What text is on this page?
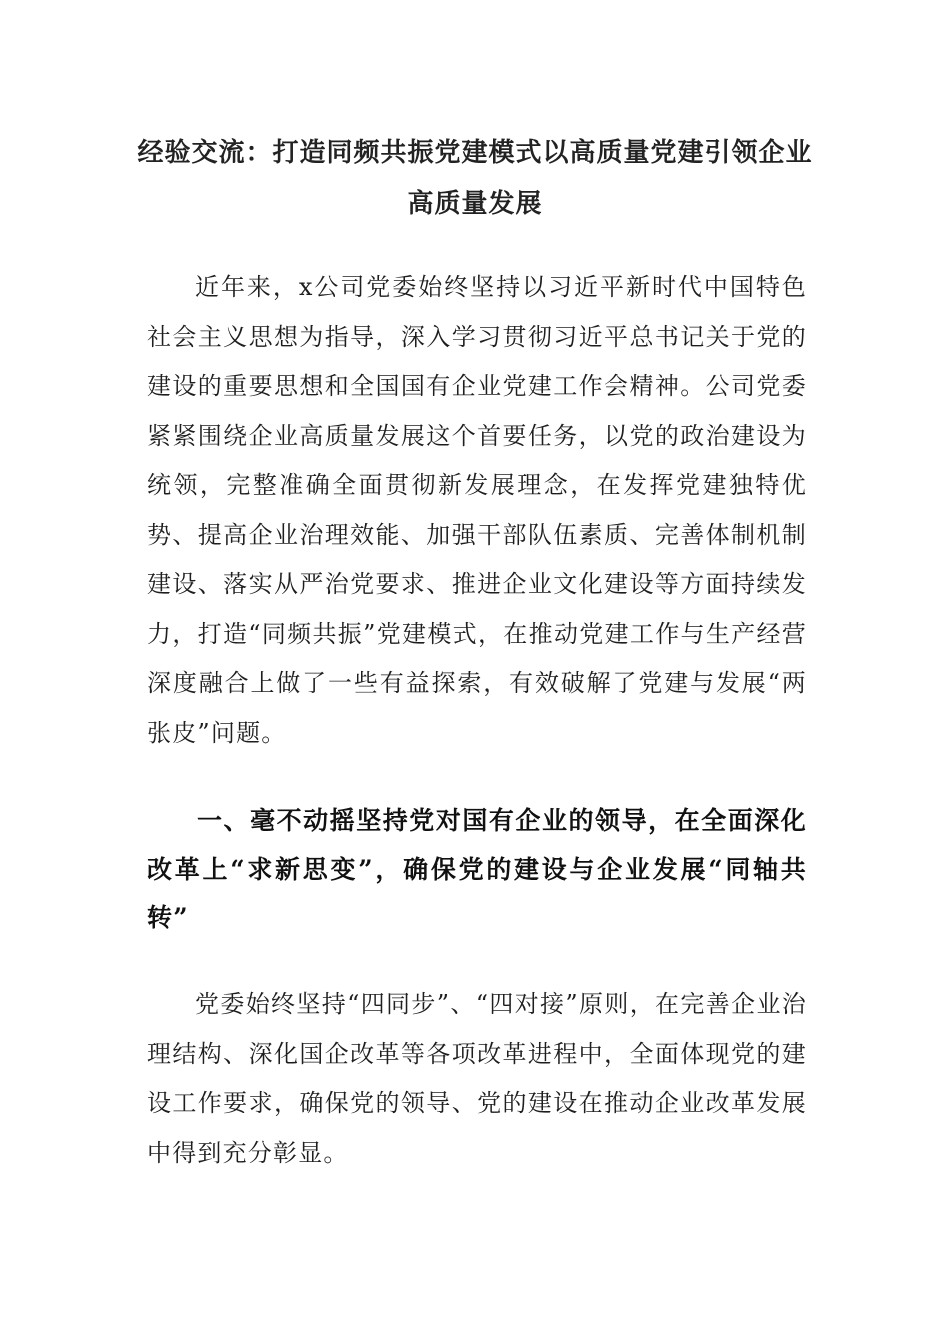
经验交流：打造同频共振党建模式以高质量党建引领企业高质量发展

近年来，x公司党委始终坚持以习近平新时代中国特色社会主义思想为指导，深入学习贯彻习近平总书记关于党的建设的重要思想和全国国有企业党建工作会精神。公司党委紧紧围绕企业高质量发展这个首要任务，以党的政治建设为统领，完整准确全面贯彻新发展理念，在发挥党建独特优势、提高企业治理效能、加强干部队伍素质、完善体制机制建设、落实从严治党要求、推进企业文化建设等方面持续发力，打造“同频共振”党建模式，在推动党建工作与生产经营深度融合上做了一些有益探索，有效破解了党建与发展“两张皮”问题。

一、毫不动摇坚持党对国有企业的领导，在全面深化改革上“求新思变”，确保党的建设与企业发展“同轴共转”

党委始终坚持“四同步”、“四对接”原则，在完善企业治理结构、深化国企改革等各项改革进程中，全面体现党的建设工作要求，确保党的领导、党的建设在推动企业改革发展中得到充分彰显。
